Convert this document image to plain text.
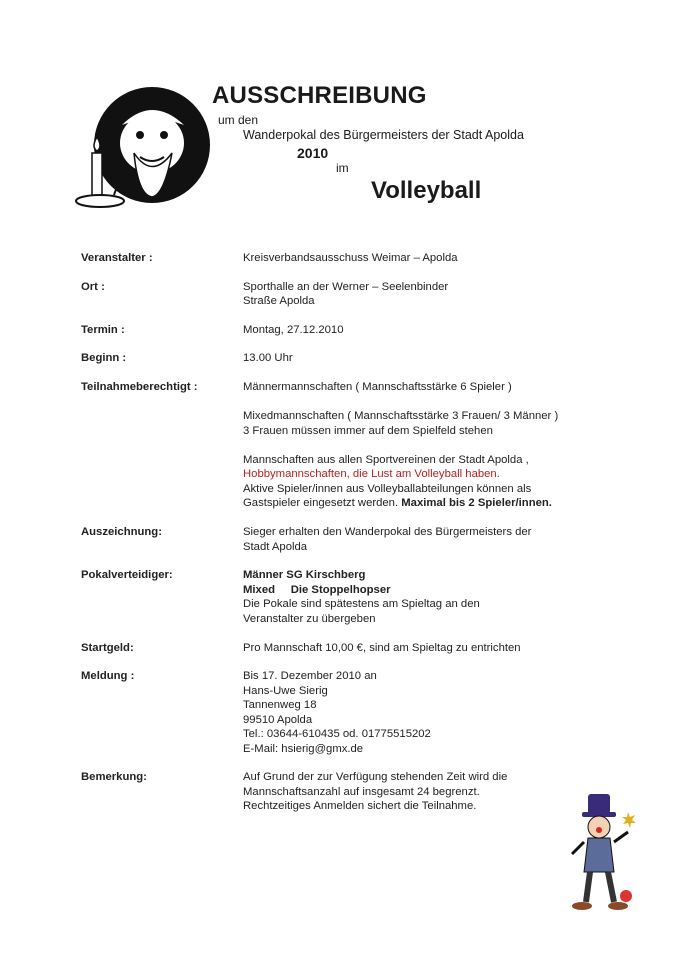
AUSSCHREIBUNG
um den
Wanderpokal des Bürgermeisters der Stadt Apolda
2010
im
Volleyball
Veranstalter :	Kreisverbandsausschuss Weimar – Apolda
Ort :	Sporthalle an der Werner – Seelenbinder
Straße Apolda
Termin :	Montag, 27.12.2010
Beginn :	13.00 Uhr
Teilnahmeberechtigt :	Männermannschaften ( Mannschaftsstärke 6 Spieler )
Mixedmannschaften ( Mannschaftsstärke 3 Frauen/ 3 Männer )
3 Frauen müssen immer auf dem Spielfeld stehen
Mannschaften aus allen Sportvereinen der Stadt Apolda ,
Hobbymannschaften, die Lust am Volleyball haben.
Aktive Spieler/innen aus Volleyballabteilungen können als
Gastspieler eingesetzt werden. Maximal bis 2 Spieler/innen.
Auszeichnung:	Sieger erhalten den Wanderpokal des Bürgermeisters der
Stadt Apolda
Pokalverteidiger:	Männer SG Kirschberg
Mixed     Die Stoppelhopser
Die Pokale sind spätestens am Spieltag an den
Veranstalter zu übergeben
Startgeld:	Pro Mannschaft 10,00 €, sind am Spieltag zu entrichten
Meldung :	Bis 17. Dezember 2010 an
Hans-Uwe Sierig
Tannenweg 18
99510 Apolda
Tel.: 03644-610435 od. 01775515202
E-Mail: hsierig@gmx.de
Bemerkung:	Auf Grund der zur Verfügung stehenden Zeit wird die
Mannschaftsanzahl auf insgesamt 24 begrenzt.
Rechtzeitiges Anmelden sichert die Teilnahme.
